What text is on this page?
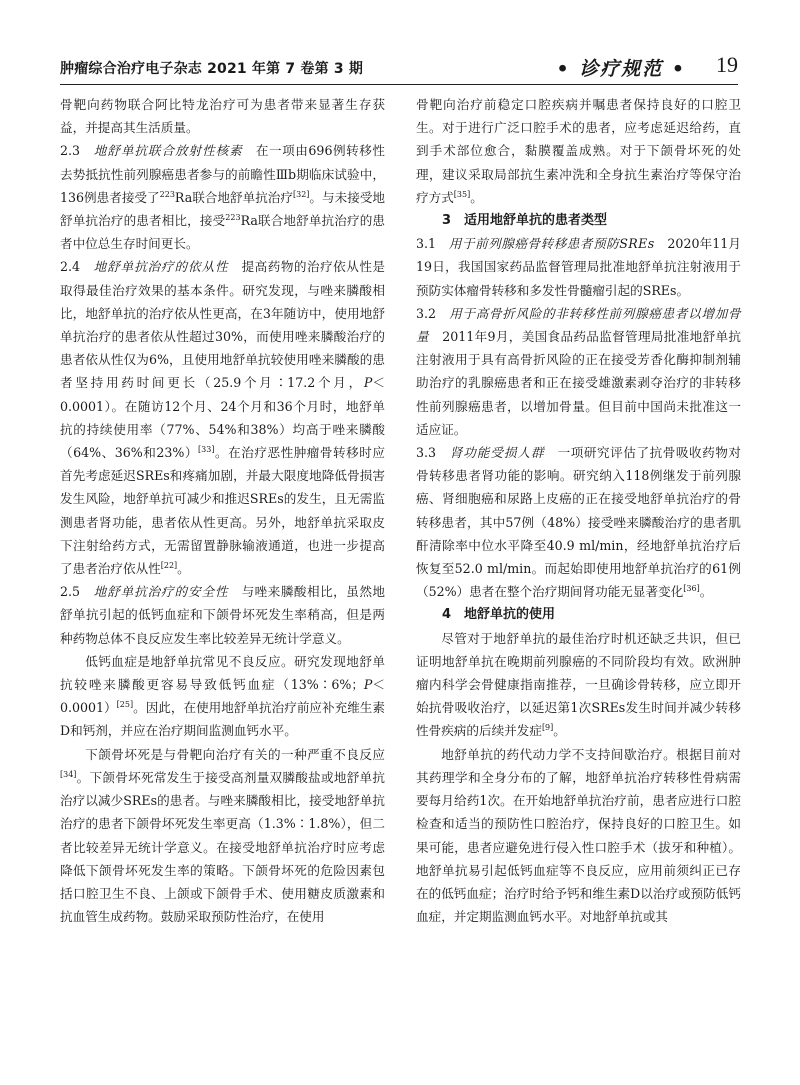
肿瘤综合治疗电子杂志 2021 年第 7 卷第 3 期	• 诊疗规范 • 19

骨靶向药物联合阿比特龙治疗可为患者带来显著生存获益，并提高其生活质量。

2.3　 地舒单抗联合放射性核素　 在一项由696例转移性去势抵抗性前列腺癌患者参与的前瞻性Ⅲb期临床试验中，136例患者接受了$^{223}$Ra联合地舒单抗治疗[32]。与未接受地舒单抗治疗的患者相比，接受$^{223}$Ra联合地舒单抗治疗的患者中位总生存时间更长。

2.4　 地舒单抗治疗的依从性　 提高药物的治疗依从性是取得最佳治疗效果的基本条件。研究发现，与唑来膦酸相比，地舒单抗的治疗依从性更高，在3年随访中，使用地舒单抗治疗的患者依从性超过30%，而使用唑来膦酸治疗的患者依从性仅为6%，且使用地舒单抗较使用唑来膦酸的患者坚持用药时间更长（25.9个月∶17.2个月，P＜0.0001）。在随访12个月、24个月和36个月时，地舒单抗的持续使用率（77%、54%和38%）均高于唑来膦酸（64%、36%和23%）[33]。在治疗恶性肿瘤骨转移时应首先考虑延迟SREs和疼痛加剧，并最大限度地降低骨损害发生风险，地舒单抗可减少和推迟SREs的发生，且无需监测患者肾功能，患者依从性更高。另外，地舒单抗采取皮下注射给药方式，无需留置静脉输液通道，也进一步提高了患者治疗依从性[22]。

2.5　 地舒单抗治疗的安全性　 与唑来膦酸相比，虽然地舒单抗引起的低钙血症和下颌骨坏死发生率稍高，但是两种药物总体不良反应发生率比较差异无统计学意义。

低钙血症是地舒单抗常见不良反应。研究发现地舒单抗较唑来膦酸更容易导致低钙血症（13%∶6%；P＜0.0001）[25]。因此，在使用地舒单抗治疗前应补充维生素D和钙剂，并应在治疗期间监测血钙水平。

下颌骨坏死是与骨靶向治疗有关的一种严重不良反应[34]。下颌骨坏死常发生于接受高剂量双膦酸盐或地舒单抗治疗以减少SREs的患者。与唑来膦酸相比，接受地舒单抗治疗的患者下颌骨坏死发生率更高（1.3%∶1.8%），但二者比较差异无统计学意义。在接受地舒单抗治疗时应考虑降低下颌骨坏死发生率的策略。下颌骨坏死的危险因素包括口腔卫生不良、上颌或下颌骨手术、使用糖皮质激素和抗血管生成药物。鼓励采取预防性治疗，在使用

骨靶向治疗前稳定口腔疾病并嘱患者保持良好的口腔卫生。对于进行广泛口腔手术的患者，应考虑延迟给药，直到手术部位愈合，黏膜覆盖成熟。对于下颌骨坏死的处理，建议采取局部抗生素冲洗和全身抗生素治疗等保守治疗方式[35]。

3　适用地舒单抗的患者类型

3.1　 用于前列腺癌骨转移患者预防SREs　 2020年11月19日，我国国家药品监督管理局批准地舒单抗注射液用于预防实体瘤骨转移和多发性骨髓瘤引起的SREs。

3.2　 用于高骨折风险的非转移性前列腺癌患者以增加骨量　 2011年9月，美国食品药品监督管理局批准地舒单抗注射液用于具有高骨折风险的正在接受芳香化酶抑制剂辅助治疗的乳腺癌患者和正在接受雄激素剥夺治疗的非转移性前列腺癌患者，以增加骨量。但目前中国尚未批准这一适应证。

3.3　 肾功能受损人群　 一项研究评估了抗骨吸收药物对骨转移患者肾功能的影响。研究纳入118例继发于前列腺癌、肾细胞癌和尿路上皮癌的正在接受地舒单抗治疗的骨转移患者，其中57例（48%）接受唑来膦酸治疗的患者肌酐清除率中位水平降至40.9 ml/min，经地舒单抗治疗后恢复至52.0 ml/min。而起始即使用地舒单抗治疗的61例（52%）患者在整个治疗期间肾功能无显著变化[36]。

4　地舒单抗的使用

尽管对于地舒单抗的最佳治疗时机还缺乏共识，但已证明地舒单抗在晚期前列腺癌的不同阶段均有效。欧洲肿瘤内科学会骨健康指南推荐，一旦确诊骨转移，应立即开始抗骨吸收治疗，以延迟第1次SREs发生时间并减少转移性骨疾病的后续并发症[9]。

地舒单抗的药代动力学不支持间歇治疗。根据目前对其药理学和全身分布的了解，地舒单抗治疗转移性骨病需要每月给药1次。在开始地舒单抗治疗前，患者应进行口腔检查和适当的预防性口腔治疗，保持良好的口腔卫生。如果可能，患者应避免进行侵入性口腔手术（拔牙和种植）。地舒单抗易引起低钙血症等不良反应，应用前须纠正已存在的低钙血症；治疗时给予钙和维生素D以治疗或预防低钙血症，并定期监测血钙水平。对地舒单抗或其
